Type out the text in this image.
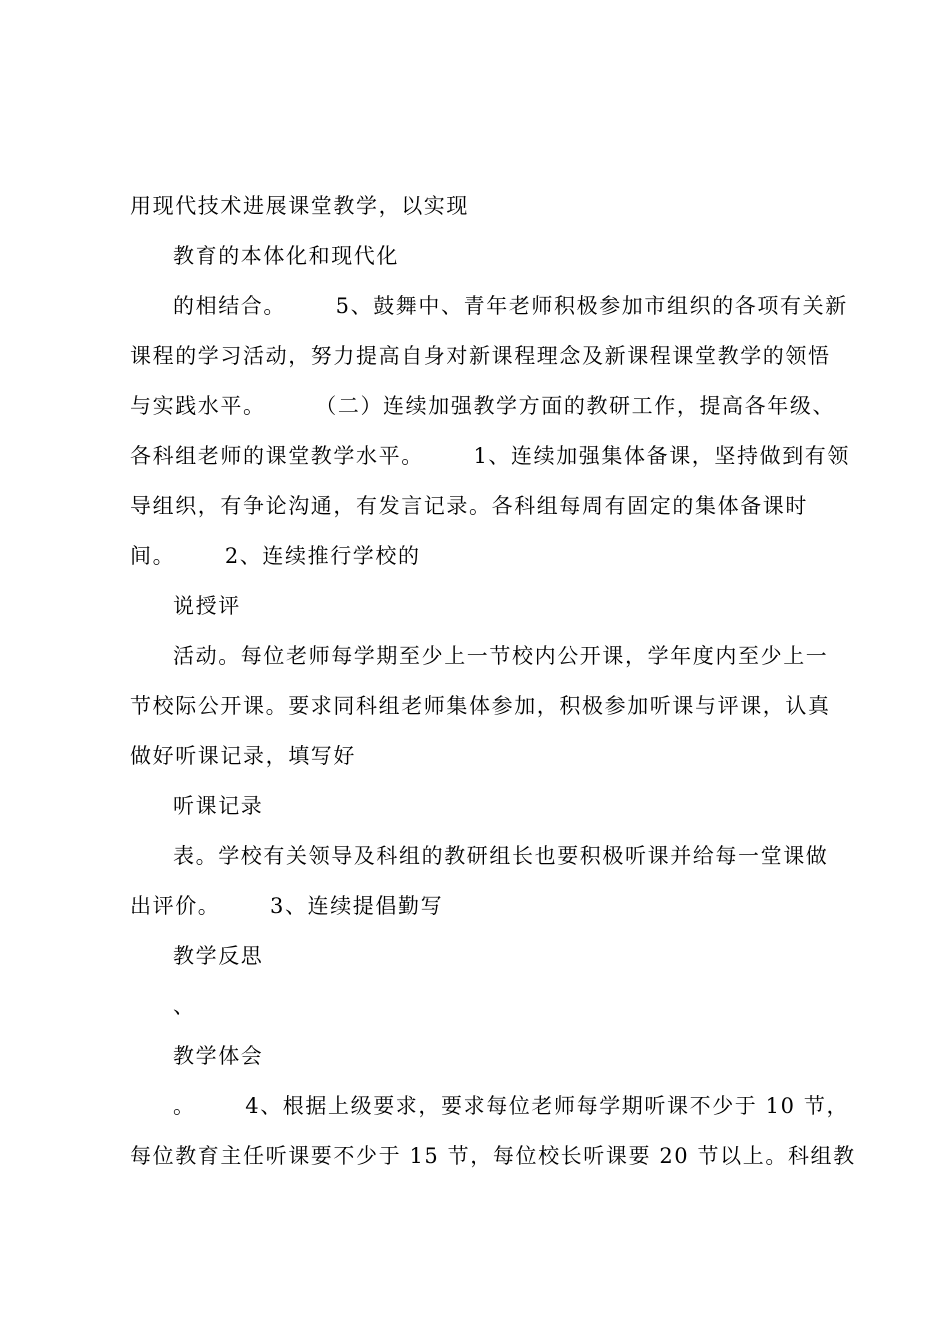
用现代技术进展课堂教学，以实现
教育的本体化和现代化
的相结合。      5、鼓舞中、青年老师积极参加市组织的各项有关新
课程的学习活动，努力提高自身对新课程理念及新课程课堂教学的领悟
与实践水平。      （二）连续加强教学方面的教研工作，提高各年级、
各科组老师的课堂教学水平。      1、连续加强集体备课，坚持做到有领
导组织，有争论沟通，有发言记录。各科组每周有固定的集体备课时
间。      2、连续推行学校的
说授评
活动。每位老师每学期至少上一节校内公开课，学年度内至少上一
节校际公开课。要求同科组老师集体参加，积极参加听课与评课，认真
做好听课记录，填写好
听课记录
表。学校有关领导及科组的教研组长也要积极听课并给每一堂课做
出评价。      3、连续提倡勤写
教学反思
、
教学体会
。      4、根据上级要求，要求每位老师每学期听课不少于 10 节，
每位教育主任听课要不少于 15 节，每位校长听课要 20 节以上。科组教
